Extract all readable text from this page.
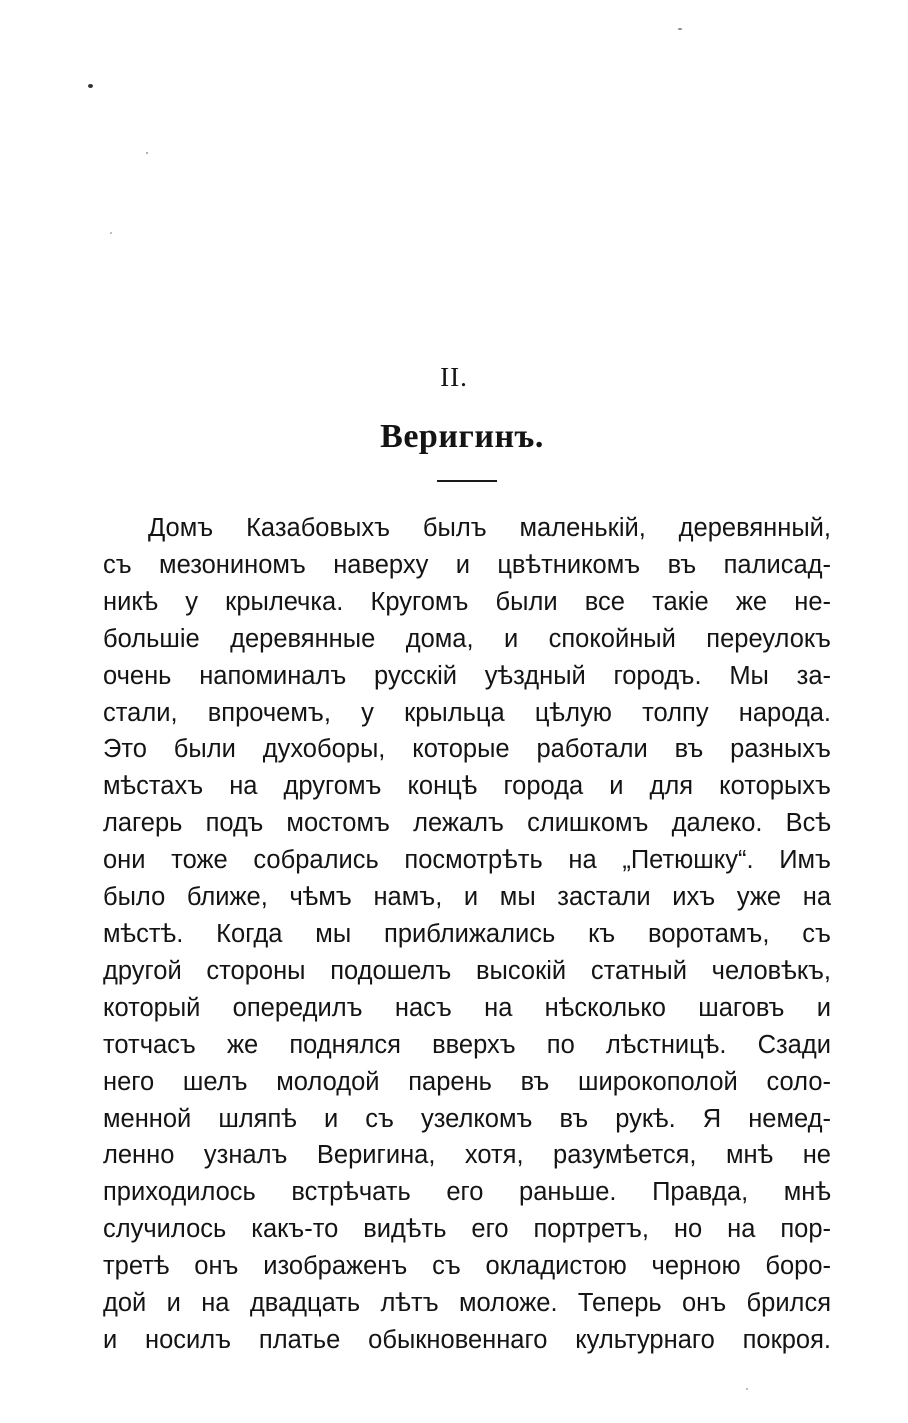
II.
Веригинъ.
Домъ Казабовыхъ былъ маленькій, деревянный,
съ мезониномъ наверху и цвѣтникомъ въ палисад-
никѣ у крылечка. Кругомъ были все такіе же не-
большіе деревянные дома, и спокойный переулокъ
очень напоминалъ русскій уѣздный городъ. Мы за-
стали, впрочемъ, у крыльца цѣлую толпу народа.
Это были духоборы, которые работали въ разныхъ
мѣстахъ на другомъ концѣ города и для которыхъ
лагерь подъ мостомъ лежалъ слишкомъ далеко. Всѣ
они тоже собрались посмотрѣть на „Петюшку“. Имъ
было ближе, чѣмъ намъ, и мы застали ихъ уже на
мѣстѣ. Когда мы приближались къ воротамъ, съ
другой стороны подошелъ высокій статный человѣкъ,
который опередилъ насъ на нѣсколько шаговъ и
тотчасъ же поднялся вверхъ по лѣстницѣ. Сзади
него шелъ молодой парень въ широкополой соло-
менной шляпѣ и съ узелкомъ въ рукѣ. Я немед-
ленно узналъ Веригина, хотя, разумѣется, мнѣ не
приходилось встрѣчать его раньше. Правда, мнѣ
случилось какъ-то видѣть его портретъ, но на пор-
третѣ онъ изображенъ съ окладистою черною боро-
дой и на двадцать лѣтъ моложе. Теперь онъ брился
и носилъ платье обыкновеннаго культурнаго покроя.
